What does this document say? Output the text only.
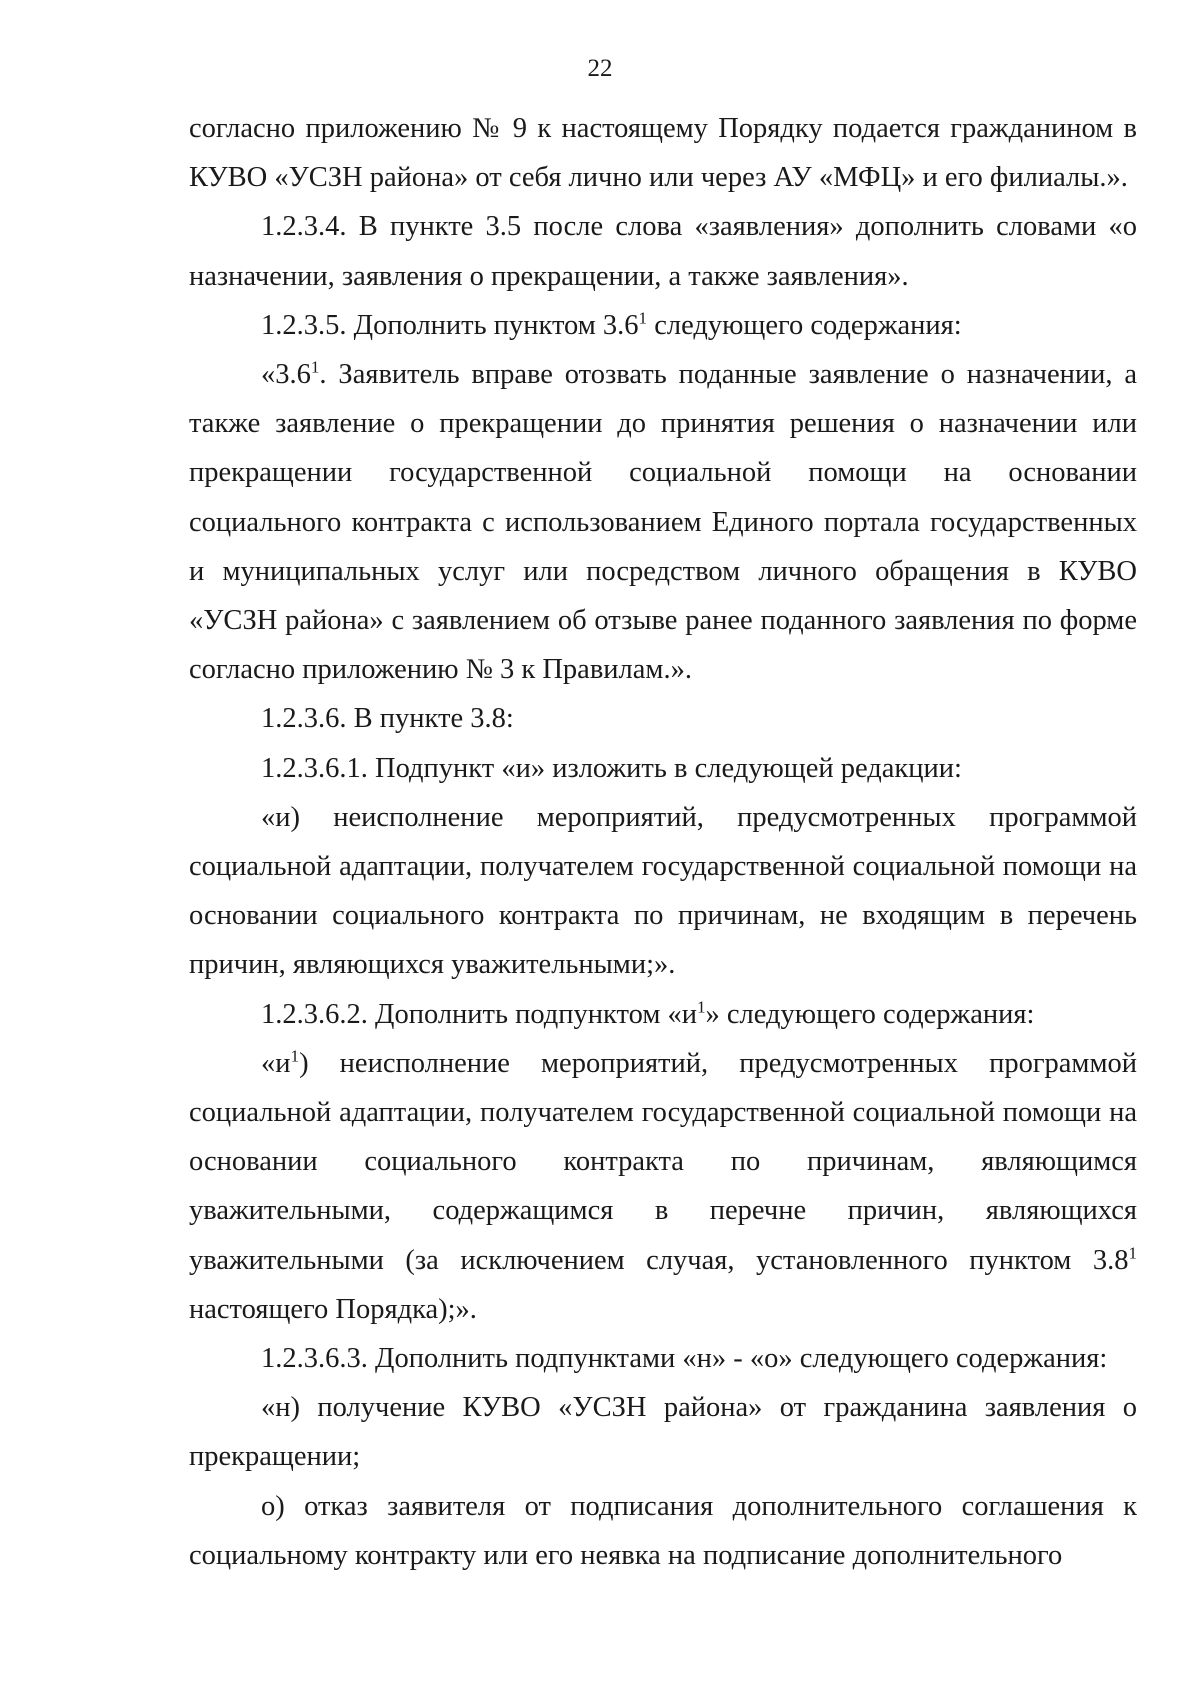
22

согласно приложению № 9 к настоящему Порядку подается гражданином в КУВО «УСЗН района» от себя лично или через АУ «МФЦ» и его филиалы.».

1.2.3.4. В пункте 3.5 после слова «заявления» дополнить словами «о назначении, заявления о прекращении, а также заявления».

1.2.3.5. Дополнить пунктом $3.6^1$ следующего содержания:

«$3.6^1$. Заявитель вправе отозвать поданные заявление о назначении, а также заявление о прекращении до принятия решения о назначении или прекращении государственной социальной помощи на основании социального контракта с использованием Единого портала государственных и муниципальных услуг или посредством личного обращения в КУВО «УСЗН района» с заявлением об отзыве ранее поданного заявления по форме согласно приложению № 3 к Правилам.».

1.2.3.6. В пункте 3.8:

1.2.3.6.1. Подпункт «и» изложить в следующей редакции:

«и) неисполнение мероприятий, предусмотренных программой социальной адаптации, получателем государственной социальной помощи на основании социального контракта по причинам, не входящим в перечень причин, являющихся уважительными;».

1.2.3.6.2. Дополнить подпунктом «$и^1$» следующего содержания:

«$и^1$) неисполнение мероприятий, предусмотренных программой социальной адаптации, получателем государственной социальной помощи на основании социального контракта по причинам, являющимся уважительными, содержащимся в перечне причин, являющихся уважительными (за исключением случая, установленного пунктом $3.8^1$ настоящего Порядка);».

1.2.3.6.3. Дополнить подпунктами «н» - «о» следующего содержания:

«н) получение КУВО «УСЗН района» от гражданина заявления о прекращении;

о) отказ заявителя от подписания дополнительного соглашения к социальному контракту или его неявка на подписание дополнительного
